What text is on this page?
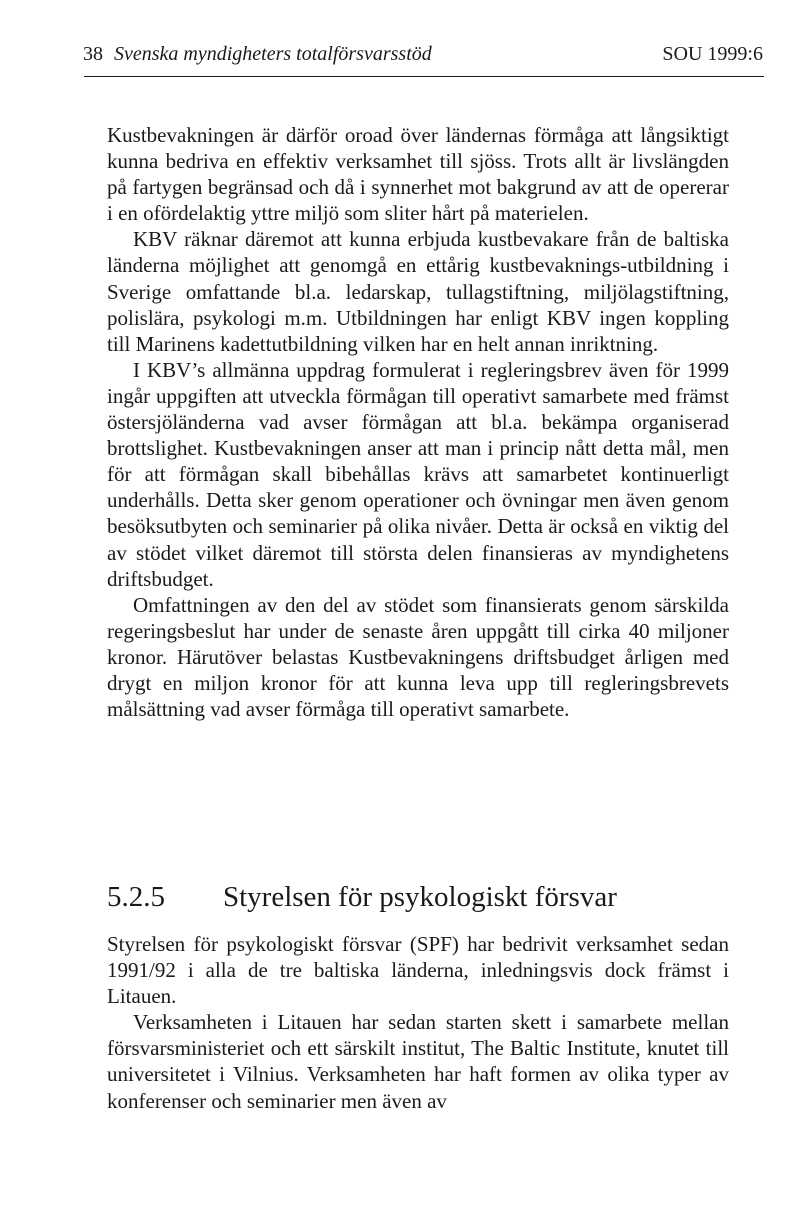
38 Svenska myndigheters totalförsvarsstöd	SOU 1999:6

Kustbevakningen är därför oroad över ländernas förmåga att långsiktigt kunna bedriva en effektiv verksamhet till sjöss. Trots allt är livslängden på fartygen begränsad och då i synnerhet mot bakgrund av att de opererar i en ofördelaktig yttre miljö som sliter hårt på materielen.

KBV räknar däremot att kunna erbjuda kustbevakare från de baltiska länderna möjlighet att genomgå en ettårig kustbevaknings-utbildning i Sverige omfattande bl.a. ledarskap, tullagstiftning, miljölagstiftning, polislära, psykologi m.m. Utbildningen har enligt KBV ingen koppling till Marinens kadettutbildning vilken har en helt annan inriktning.

I KBV’s allmänna uppdrag formulerat i regleringsbrev även för 1999 ingår uppgiften att utveckla förmågan till operativt samarbete med främst östersjöländerna vad avser förmågan att bl.a. bekämpa organiserad brottslighet. Kustbevakningen anser att man i princip nått detta mål, men för att förmågan skall bibehållas krävs att samarbetet kontinuerligt underhålls. Detta sker genom operationer och övningar men även genom besöksutbyten och seminarier på olika nivåer. Detta är också en viktig del av stödet vilket däremot till största delen finansieras av myndighetens driftsbudget.

Omfattningen av den del av stödet som finansierats genom särskilda regeringsbeslut har under de senaste åren uppgått till cirka 40 miljoner kronor. Härutöver belastas Kustbevakningens driftsbudget årligen med drygt en miljon kronor för att kunna leva upp till regleringsbrevets målsättning vad avser förmåga till operativt samarbete.

5.2.5 Styrelsen för psykologiskt försvar

Styrelsen för psykologiskt försvar (SPF) har bedrivit verksamhet sedan 1991/92 i alla de tre baltiska länderna, inledningsvis dock främst i Litauen.

Verksamheten i Litauen har sedan starten skett i samarbete mellan försvarsministeriet och ett särskilt institut, The Baltic Institute, knutet till universitetet i Vilnius. Verksamheten har haft formen av olika typer av konferenser och seminarier men även av
